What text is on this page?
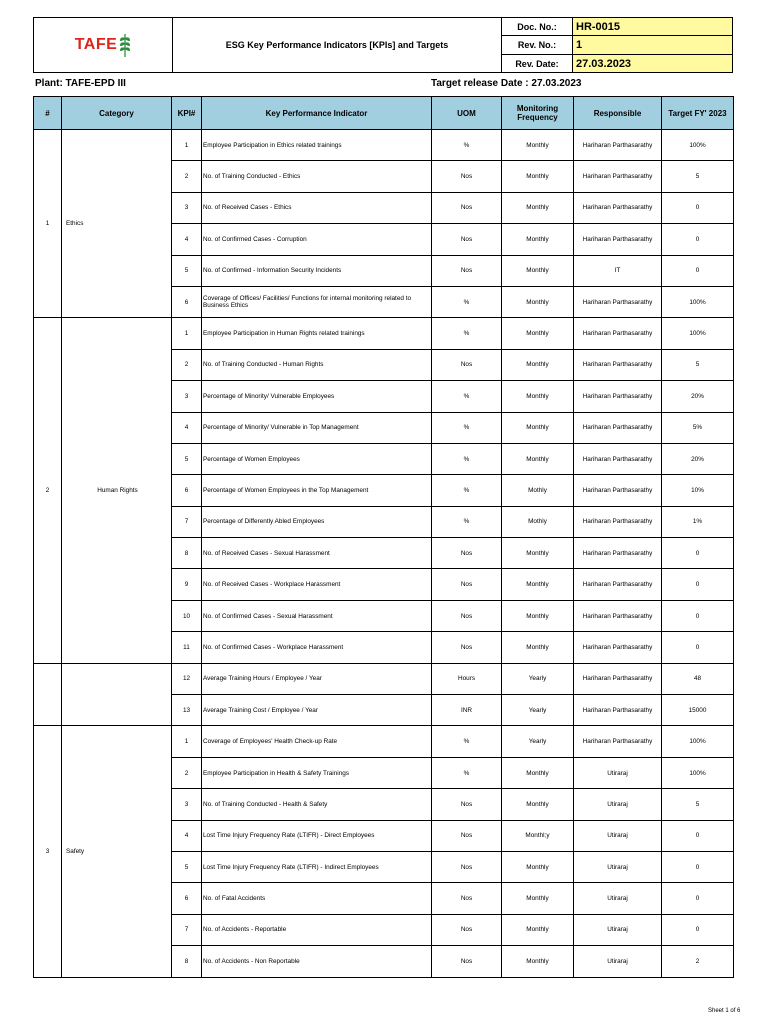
TAFE	ESG Key Performance Indicators [KPIs] and Targets
Doc. No.:	HR-0015
Rev. No.:	1
Rev. Date:	27.03.2023
Plant: TAFE-EPD III	Target release Date : 27.03.2023
#	Category	KPI#	Key Performance Indicator	UOM	Monitoring Frequency	Responsible	Target FY' 2023
1	Ethics	1	Employee Participation in Ethics related trainings	%	Monthly	Hariharan Parthasarathy	100%
		2	No. of Training Conducted - Ethics	Nos	Monthly	Hariharan Parthasarathy	5
		3	No. of Received Cases - Ethics	Nos	Monthly	Hariharan Parthasarathy	0
		4	No. of Confirmed Cases - Corruption	Nos	Monthly	Hariharan Parthasarathy	0
		5	No. of Confirmed - Information Security Incidents	Nos	Monthly	IT	0
		6	Coverage of Offices/ Facilities/ Functions for internal monitoring related to Business Ethics	%	Monthly	Hariharan Parthasarathy	100%
2	Human Rights	1	Employee Participation in Human Rights related trainings	%	Monthly	Hariharan Parthasarathy	100%
		2	No. of Training Conducted - Human Rights	Nos	Monthly	Hariharan Parthasarathy	5
		3	Percentage of Minority/ Vulnerable Employees	%	Monthly	Hariharan Parthasarathy	20%
		4	Percentage of Minority/ Vulnerable in Top Management	%	Monthly	Hariharan Parthasarathy	5%
		5	Percentage of Women Employees	%	Monthly	Hariharan Parthasarathy	20%
		6	Percentage of Women Employees in the Top Management	%	Mothly	Hariharan Parthasarathy	10%
		7	Percentage of Differently Abled Employees	%	Mothly	Hariharan Parthasarathy	1%
		8	No. of Received Cases - Sexual Harassment	Nos	Monthly	Hariharan Parthasarathy	0
		9	No. of Received Cases - Workplace Harassment	Nos	Monthly	Hariharan Parthasarathy	0
		10	No. of Confirmed Cases - Sexual Harassment	Nos	Monthly	Hariharan Parthasarathy	0
		11	No. of Confirmed Cases - Workplace Harassment	Nos	Monthly	Hariharan Parthasarathy	0
		12	Average Training Hours / Employee / Year	Hours	Yearly	Hariharan Parthasarathy	48
		13	Average Training Cost / Employee / Year	INR	Yearly	Hariharan Parthasarathy	15000
3	Safety	1	Coverage of Employees' Health Check-up Rate	%	Yearly	Hariharan Parthasarathy	100%
		2	Employee Participation in Health & Safety Trainings	%	Monthly	Utiraraj	100%
		3	No. of Training Conducted - Health & Safety	Nos	Monthly	Utiraraj	5
		4	Lost Time Injury Frequency Rate (LTIFR) - Direct Employees	Nos	Monthl;y	Utiraraj	0
		5	Lost Time Injury Frequency Rate (LTIFR) - Indirect Employees	Nos	Monthly	Utiraraj	0
		6	No. of Fatal Accidents	Nos	Monthly	Utiraraj	0
		7	No. of Accidents - Reportable	Nos	Monthly	Utiraraj	0
		8	No. of Accidents - Non Reportable	Nos	Monthly	Utiraraj	2
Sheet 1 of 6
